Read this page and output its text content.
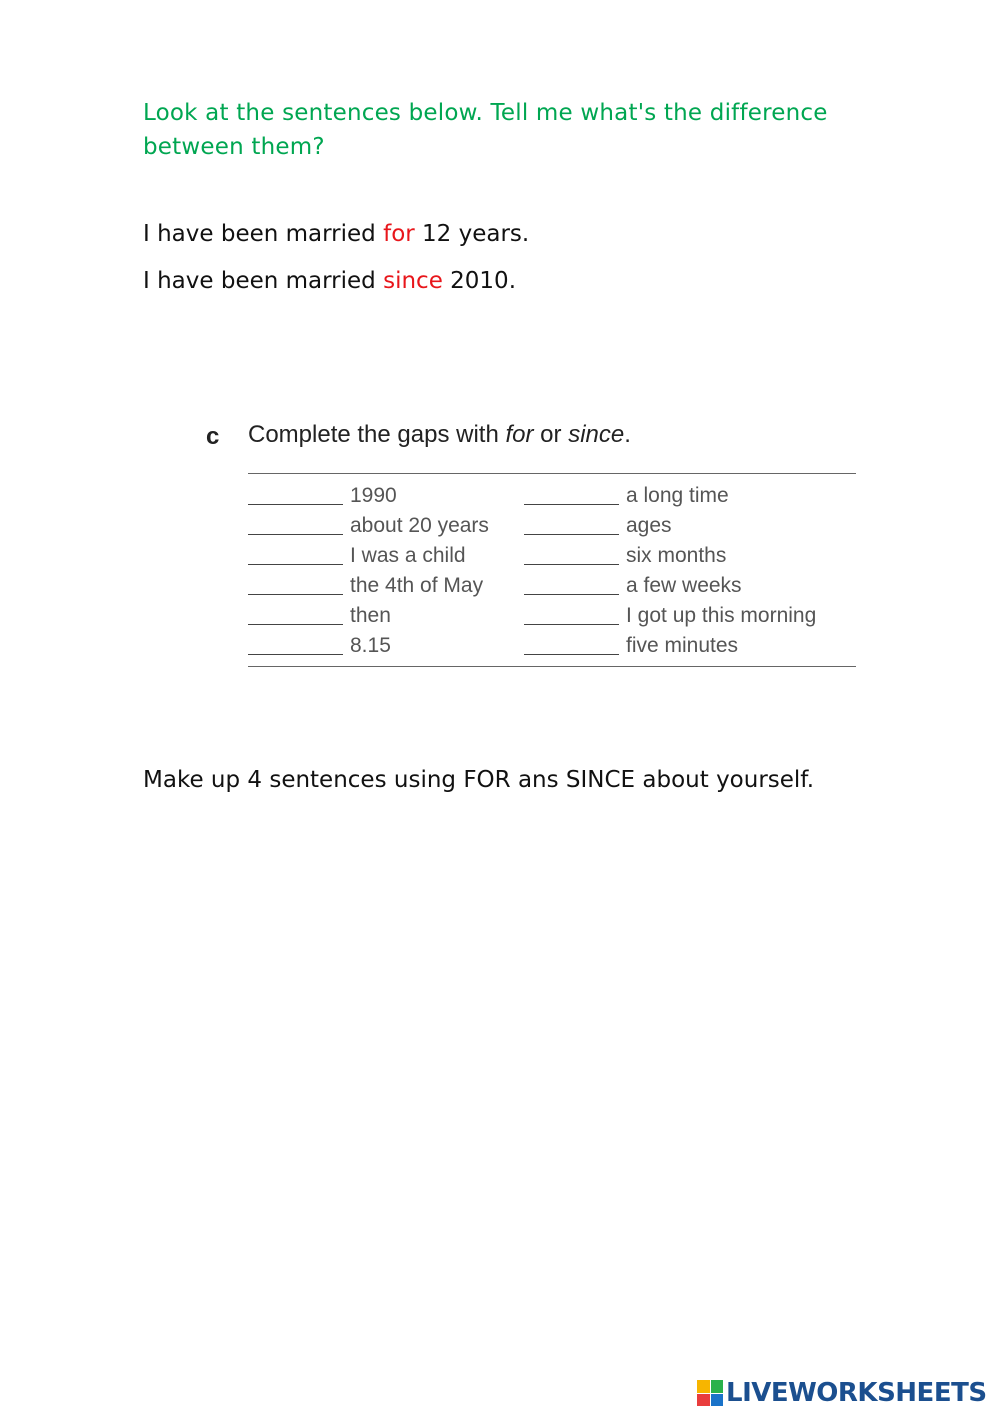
Look at the sentences below. Tell me what's the difference between them?
I have been married for 12 years.
I have been married since 2010.
c Complete the gaps with for or since.
1990
about 20 years
I was a child
the 4th of May
then
8.15
a long time
ages
six months
a few weeks
I got up this morning
five minutes
Make up 4 sentences using FOR ans SINCE about yourself.
LIVEWORKSHEETS
